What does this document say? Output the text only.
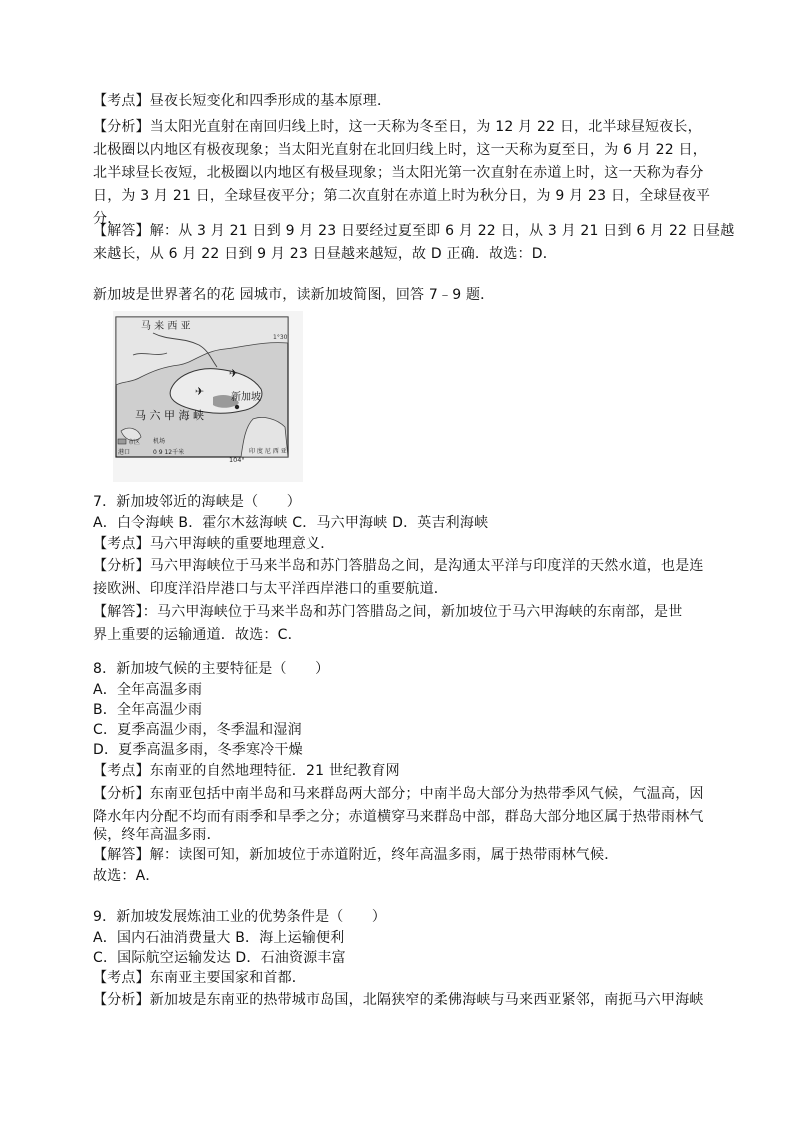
【考点】昼夜长短变化和四季形成的基本原理．
【分析】当太阳光直射在南回归线上时，这一天称为冬至日，为 12 月 22 日，北半球昼短夜长，
北极圈以内地区有极夜现象；当太阳光直射在北回归线上时，这一天称为夏至日，为 6 月 22 日，
北半球昼长夜短，北极圈以内地区有极昼现象；当太阳光第一次直射在赤道上时，这一天称为春分
日，为 3 月 21 日，全球昼夜平分；第二次直射在赤道上时为秋分日，为 9 月 23 日，全球昼夜平
分．
【解答】解：从 3 月 21 日到 9 月 23 日要经过夏至即 6 月 22 日，从 3 月 21 日到 6 月 22 日昼越
来越长，从 6 月 22 日到 9 月 23 日昼越来越短，故 D 正确．故选：D．
新加坡是世界著名的花 园城市，读新加坡简图，回答 7﹣9 题．
✈
✈
马 来 西 亚
1°30′
新加坡
马 六 甲 海 峡
印 度 尼 西 亚
104°
市区
港口
机场
0 9 12千米
7．新加坡邻近的海峡是（　　）
A．白令海峡 B．霍尔木兹海峡 C．马六甲海峡 D．英吉利海峡
【考点】马六甲海峡的重要地理意义．
【分析】马六甲海峡位于马来半岛和苏门答腊岛之间，是沟通太平洋与印度洋的天然水道，也是连
接欧洲、印度洋沿岸港口与太平洋西岸港口的重要航道．
【解答】：马六甲海峡位于马来半岛和苏门答腊岛之间，新加坡位于马六甲海峡的东南部，是世
界上重要的运输通道．故选：C．
8．新加坡气候的主要特征是（　　）
A．全年高温多雨
B．全年高温少雨
C．夏季高温少雨，冬季温和湿润
D．夏季高温多雨，冬季寒冷干燥
【考点】东南亚的自然地理特征．21 世纪教育网
【分析】东南亚包括中南半岛和马来群岛两大部分；中南半岛大部分为热带季风气候，气温高，因
降水年内分配不均而有雨季和旱季之分；赤道横穿马来群岛中部，群岛大部分地区属于热带雨林气
候，终年高温多雨．
【解答】解：读图可知，新加坡位于赤道附近，终年高温多雨，属于热带雨林气候．
故选：A．
9．新加坡发展炼油工业的优势条件是（　　）
A．国内石油消费量大 B．海上运输便利
C．国际航空运输发达 D．石油资源丰富
【考点】东南亚主要国家和首都．
【分析】新加坡是东南亚的热带城市岛国，北隔狭窄的柔佛海峡与马来西亚紧邻，南扼马六甲海峡
